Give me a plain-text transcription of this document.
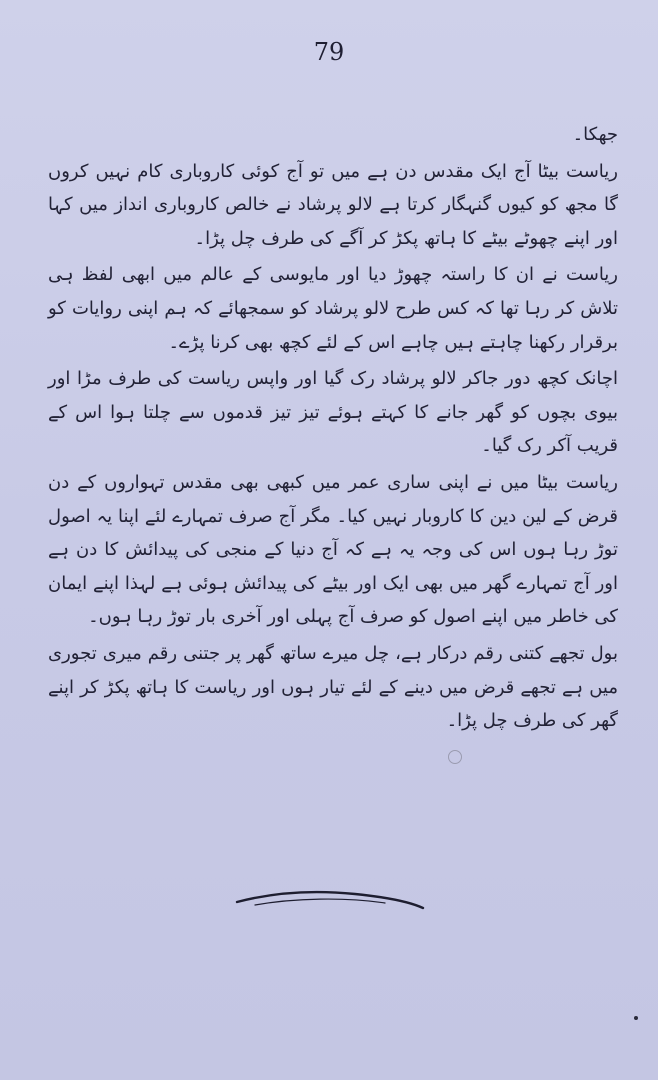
79

جھکا۔

ریاست بیٹا آج ایک مقدس دن ہے میں تو آج کوئی کاروباری کام نہیں کروں گا مجھ کو کیوں گنہگار کرتا ہے لالو پرشاد نے خالص کاروباری انداز میں کہا اور اپنے چھوٹے بیٹے کا ہاتھ پکڑ کر آگے کی طرف چل پڑا۔

ریاست نے ان کا راستہ چھوڑ دیا اور مایوسی کے عالم میں ابھی لفظ ہی تلاش کر رہا تھا کہ کس طرح لالو پرشاد کو سمجھائے کہ ہم اپنی روایات کو برقرار رکھنا چاہتے ہیں چاہے اس کے لئے کچھ بھی کرنا پڑے۔

اچانک کچھ دور جاکر لالو پرشاد رک گیا اور واپس ریاست کی طرف مڑا اور بیوی بچوں کو گھر جانے کا کہتے ہوئے تیز تیز قدموں سے چلتا ہوا اس کے قریب آکر رک گیا۔

ریاست بیٹا میں نے اپنی ساری عمر میں کبھی بھی مقدس تہواروں کے دن قرض کے لین دین کا کاروبار نہیں کیا۔ مگر آج صرف تمہارے لئے اپنا یہ اصول توڑ رہا ہوں اس کی وجہ یہ ہے کہ آج دنیا کے منجی کی پیدائش کا دن ہے اور آج تمہارے گھر میں بھی ایک اور بیٹے کی پیدائش ہوئی ہے لہذا اپنے ایمان کی خاطر میں اپنے اصول کو صرف آج پہلی اور آخری بار توڑ رہا ہوں۔

بول تجھے کتنی رقم درکار ہے، چل میرے ساتھ گھر پر جتنی رقم میری تجوری میں ہے تجھے قرض میں دینے کے لئے تیار ہوں اور ریاست کا ہاتھ پکڑ کر اپنے گھر کی طرف چل پڑا۔
